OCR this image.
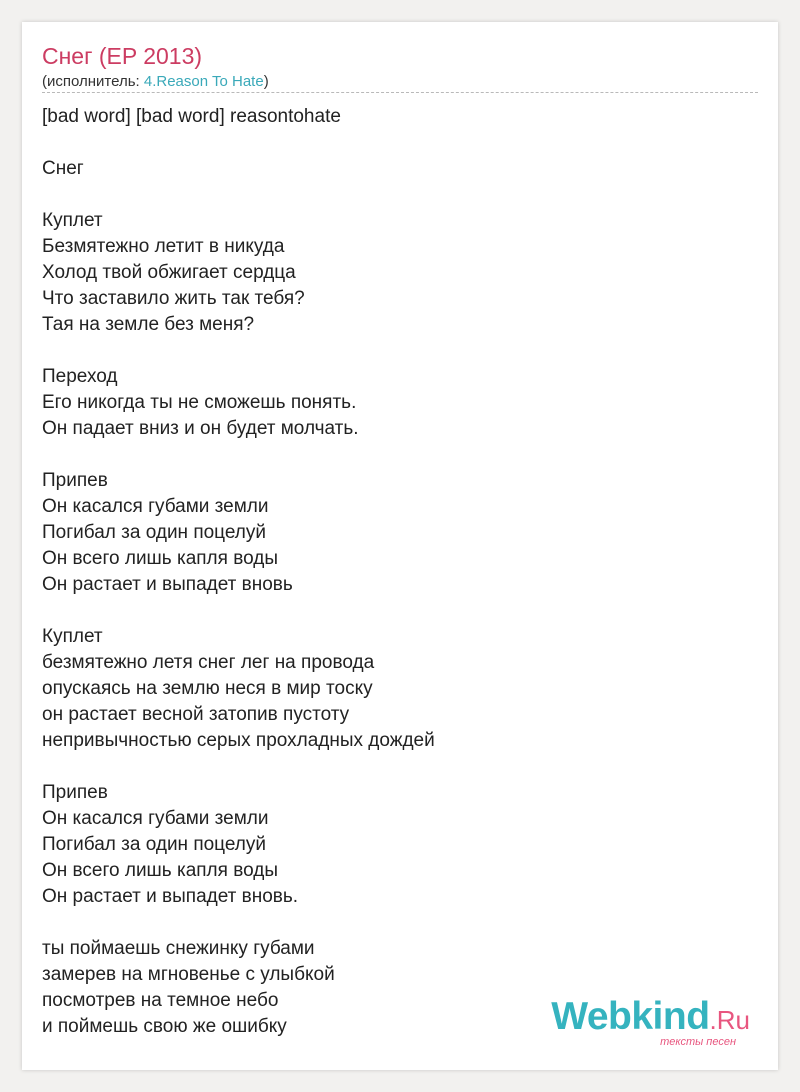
Снег (EP 2013)
(исполнитель: 4.Reason To Hate)
[bad word] [bad word] reasontohate
Снег
Куплет
Безмятежно летит в никуда
Холод твой обжигает сердца
Что заставило жить так тебя?
Тая на земле без меня?
Переход
Его никогда ты не сможешь понять.
Он падает вниз и он будет молчать.
Припев
Он касался губами земли
Погибал за один поцелуй
Он всего лишь капля воды
Он растает и выпадет вновь
Куплет
безмятежно летя снег лег на провода
опускаясь на землю неся в мир тоску
он растает весной затопив пустоту
непривычностью серых прохладных дождей
Припев
Он касался губами земли
Погибал за один поцелуй
Он всего лишь капля воды
Он растает и выпадет вновь.
ты поймаешь снежинку губами
замерев на мгновенье с улыбкой
посмотрев на темное небо
и поймешь свою же ошибку	Webkind.Ru
тексты песен
